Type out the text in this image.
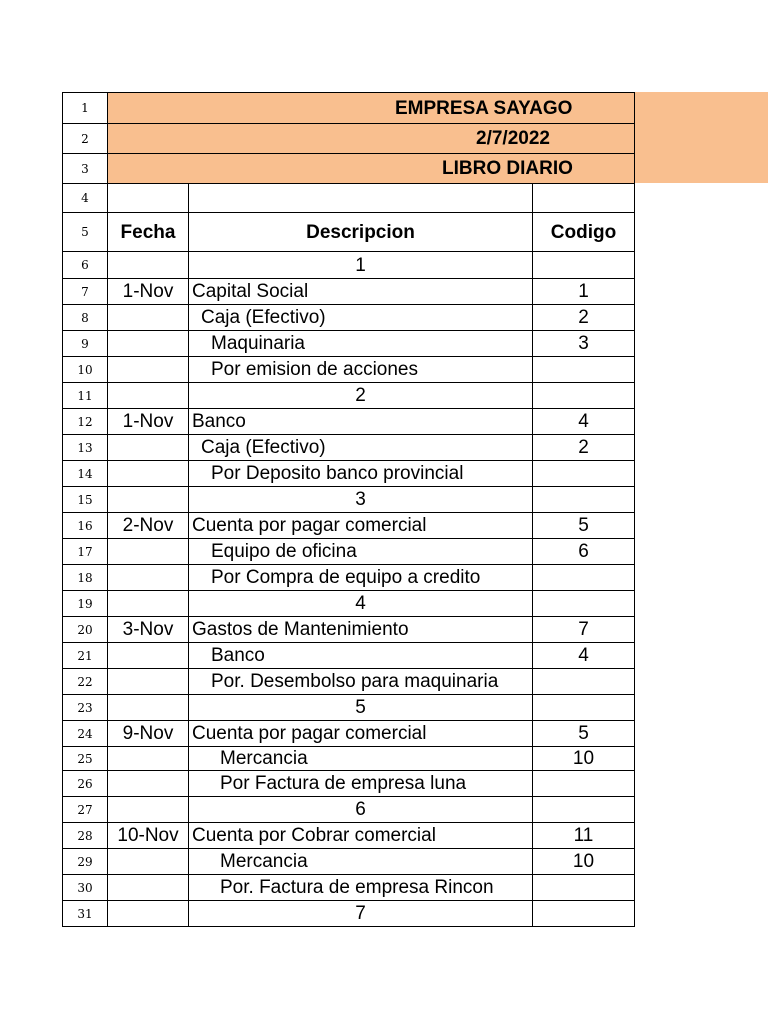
1	EMPRESA SAYAGO		

2	2/7/2022		

3	LIBRO DIARIO		

4			
5	Fecha	Descripcion	Codigo
6		1	
7	1-Nov	Capital Social	1
8		Caja (Efectivo)	2
9		Maquinaria	3
10		Por emision de acciones	
11		2	
12	1-Nov	Banco	4
13		Caja (Efectivo)	2
14		Por Deposito banco provincial	
15		3	
16	2-Nov	Cuenta por pagar comercial	5
17		Equipo de oficina	6
18		Por Compra de equipo a credito	
19		4	
20	3-Nov	Gastos de Mantenimiento	7
21		Banco	4
22		Por. Desembolso para maquinaria	
23		5	
24	9-Nov	Cuenta por pagar comercial	5
25		Mercancia	10
26		Por Factura de empresa luna	
27		6	
28	10-Nov	Cuenta por Cobrar comercial	11
29		Mercancia	10
30		Por. Factura de empresa Rincon	
31		7	
